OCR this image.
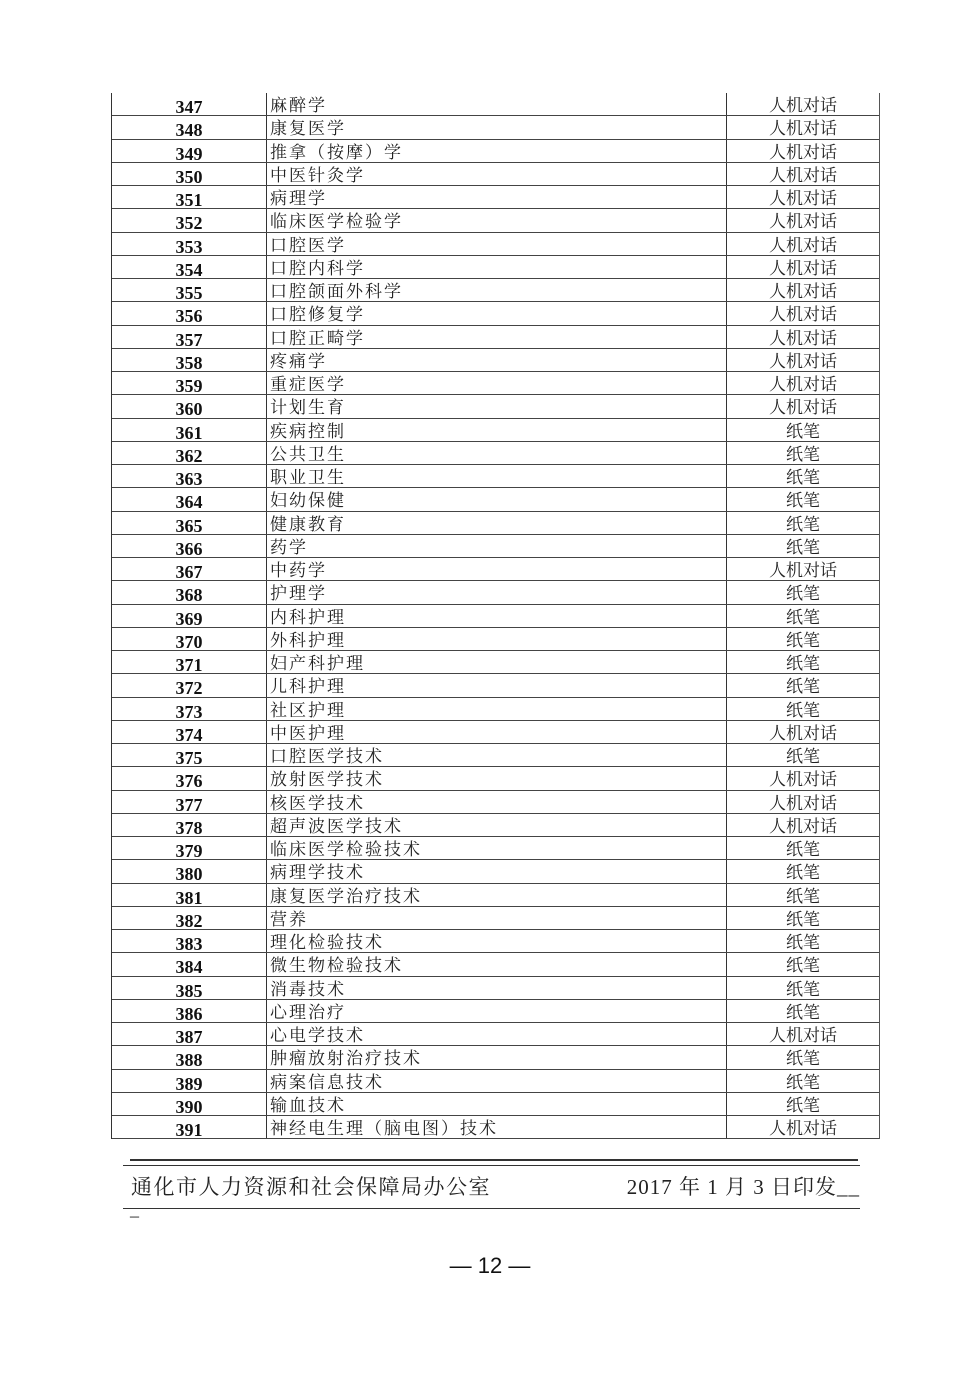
347	麻醉学	人机对话
348	康复医学	人机对话
349	推拿（按摩）学	人机对话
350	中医针灸学	人机对话
351	病理学	人机对话
352	临床医学检验学	人机对话
353	口腔医学	人机对话
354	口腔内科学	人机对话
355	口腔颌面外科学	人机对话
356	口腔修复学	人机对话
357	口腔正畸学	人机对话
358	疼痛学	人机对话
359	重症医学	人机对话
360	计划生育	人机对话
361	疾病控制	纸笔
362	公共卫生	纸笔
363	职业卫生	纸笔
364	妇幼保健	纸笔
365	健康教育	纸笔
366	药学	纸笔
367	中药学	人机对话
368	护理学	纸笔
369	内科护理	纸笔
370	外科护理	纸笔
371	妇产科护理	纸笔
372	儿科护理	纸笔
373	社区护理	纸笔
374	中医护理	人机对话
375	口腔医学技术	纸笔
376	放射医学技术	人机对话
377	核医学技术	人机对话
378	超声波医学技术	人机对话
379	临床医学检验技术	纸笔
380	病理学技术	纸笔
381	康复医学治疗技术	纸笔
382	营养	纸笔
383	理化检验技术	纸笔
384	微生物检验技术	纸笔
385	消毒技术	纸笔
386	心理治疗	纸笔
387	心电学技术	人机对话
388	肿瘤放射治疗技术	纸笔
389	病案信息技术	纸笔
390	输血技术	纸笔
391	神经电生理（脑电图）技术	人机对话
通化市人力资源和社会保障局办公室	2017 年 1 月 3 日印发__
_
— 12 —
